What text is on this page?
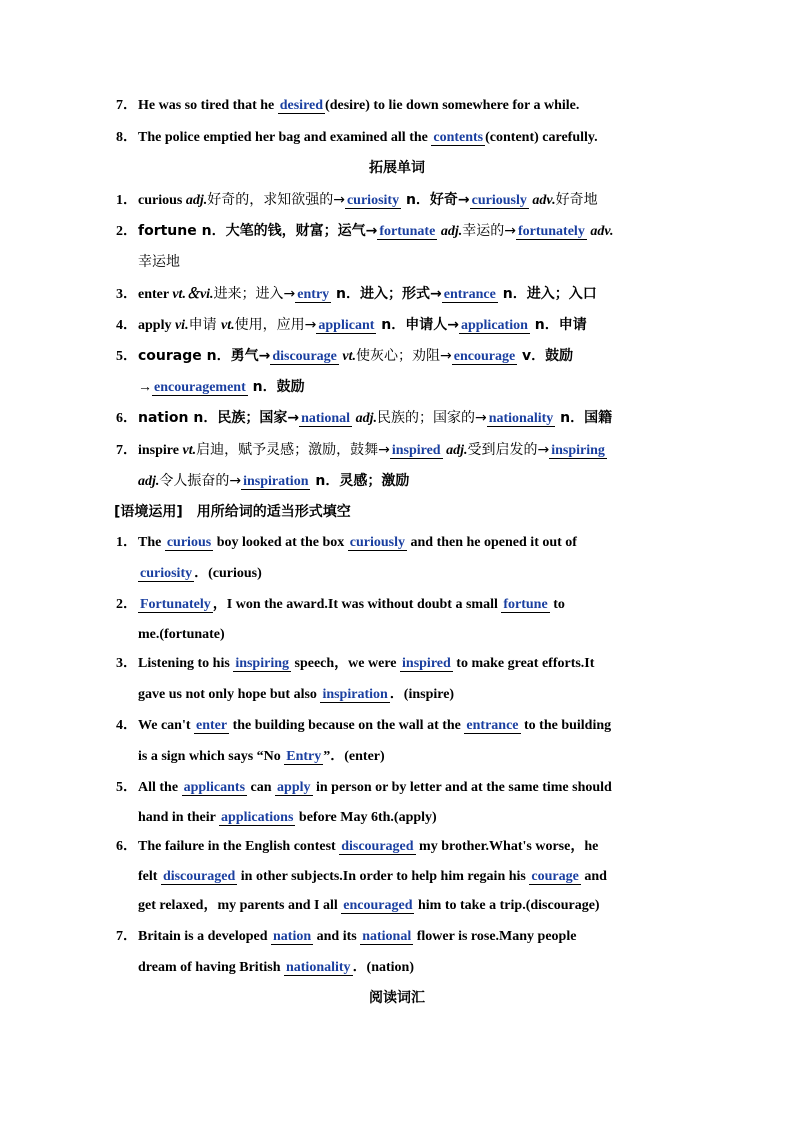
7．He was so tired that he desired (desire) to lie down somewhere for a while.
8．The police emptied her bag and examined all the contents (content) carefully.
拓展单词
1．curious adj.好奇的，求知欲强的→ curiosity n．好奇→ curiously adv.好奇地
2．fortune n．大笔的钱，财富；运气→ fortunate adj.幸运的→ fortunately adv.
幸运地
3．enter vt.＆vi.进来；进入→ entry n．进入；形式→ entrance n．进入；入口
4．apply vi.申请 vt.使用，应用→ applicant n．申请人→ application n．申请
5．courage n．勇气→ discourage vt.使灰心；劝阻→ encourage v．鼓励
→ encouragement n．鼓励
6．nation n．民族；国家→ national adj.民族的；国家的→ nationality n．国籍
7．inspire vt.启迪，赋予灵感；激励，鼓舞→ inspired adj.受到启发的→ inspiring
adj.令人振奋的→ inspiration n．灵感；激励
[语境运用]　用所给词的适当形式填空
1．The curious boy looked at the box curiously and then he opened it out of
curiosity ．(curious)
2． Fortunately ，I won the award.It was without doubt a small fortune to
me.(fortunate)
3．Listening to his inspiring speech，we were inspired to make great efforts.It
gave us not only hope but also inspiration ．(inspire)
4．We can't enter the building because on the wall at the entrance to the building
is a sign which says “No Entry ”．(enter)
5．All the applicants can apply in person or by letter and at the same time should
hand in their applications before May 6th.(apply)
6．The failure in the English contest discouraged my brother.What's worse，he
felt discouraged in other subjects.In order to help him regain his courage and
get relaxed，my parents and I all encouraged him to take a trip.(discourage)
7．Britain is a developed nation and its national flower is rose.Many people
dream of having British nationality ．(nation)
阅读词汇
